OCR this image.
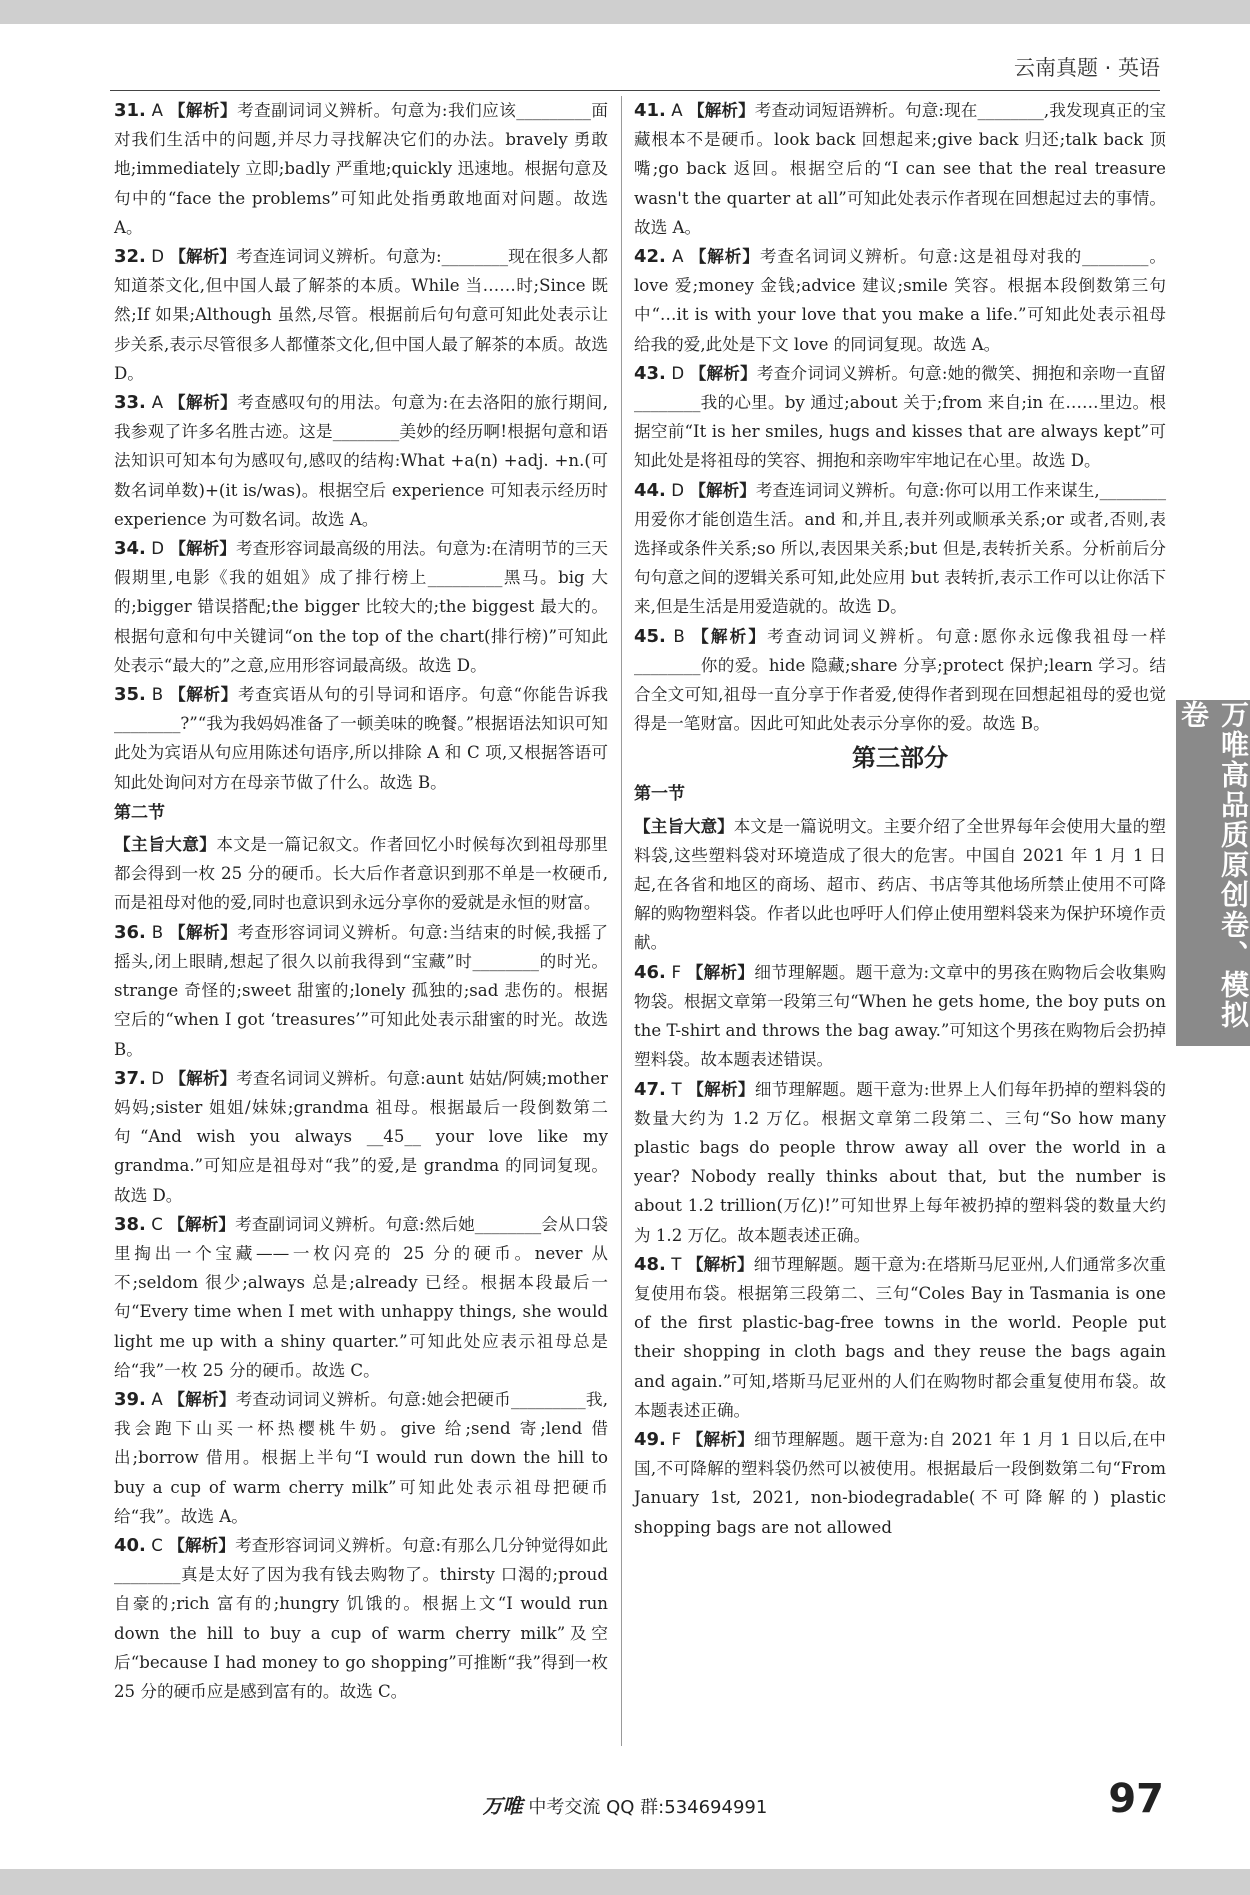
云南真题 · 英语

31. A 【解析】考查副词词义辨析。句意为:我们应该_________面对我们生活中的问题,并尽力寻找解决它们的办法。bravely 勇敢地;immediately 立即;badly 严重地;quickly 迅速地。根据句意及句中的“face the problems”可知此处指勇敢地面对问题。故选 A。

32. D 【解析】考查连词词义辨析。句意为:________现在很多人都知道茶文化,但中国人最了解茶的本质。While 当……时;Since 既然;If 如果;Although 虽然,尽管。根据前后句句意可知此处表示让步关系,表示尽管很多人都懂茶文化,但中国人最了解茶的本质。故选 D。

33. A 【解析】考查感叹句的用法。句意为:在去洛阳的旅行期间,我参观了许多名胜古迹。这是________美妙的经历啊!根据句意和语法知识可知本句为感叹句,感叹的结构:What +a(n) +adj. +n.(可数名词单数)+(it is/was)。根据空后 experience 可知表示经历时 experience 为可数名词。故选 A。

34. D 【解析】考查形容词最高级的用法。句意为:在清明节的三天假期里,电影《我的姐姐》成了排行榜上_________黑马。big 大的;bigger 错误搭配;the bigger 比较大的;the biggest 最大的。根据句意和句中关键词“on the top of the chart(排行榜)”可知此处表示“最大的”之意,应用形容词最高级。故选 D。

35. B 【解析】考查宾语从句的引导词和语序。句意“你能告诉我________?”“我为我妈妈准备了一顿美味的晚餐。”根据语法知识可知此处为宾语从句应用陈述句语序,所以排除 A 和 C 项,又根据答语可知此处询问对方在母亲节做了什么。故选 B。

第二节

【主旨大意】本文是一篇记叙文。作者回忆小时候每次到祖母那里都会得到一枚 25 分的硬币。长大后作者意识到那不单是一枚硬币,而是祖母对他的爱,同时也意识到永远分享你的爱就是永恒的财富。

36. B 【解析】考查形容词词义辨析。句意:当结束的时候,我摇了摇头,闭上眼睛,想起了很久以前我得到“宝藏”时________的时光。strange 奇怪的;sweet 甜蜜的;lonely 孤独的;sad 悲伤的。根据空后的“when I got ‘treasures’”可知此处表示甜蜜的时光。故选 B。

37. D 【解析】考查名词词义辨析。句意:aunt 姑姑/阿姨;mother 妈妈;sister 姐姐/妹妹;grandma 祖母。根据最后一段倒数第二句“And wish you always __45__ your love like my grandma.”可知应是祖母对“我”的爱,是 grandma 的同词复现。故选 D。

38. C 【解析】考查副词词义辨析。句意:然后她________会从口袋里掏出一个宝藏——一枚闪亮的 25 分的硬币。never 从不;seldom 很少;always 总是;already 已经。根据本段最后一句“Every time when I met with unhappy things, she would light me up with a shiny quarter.”可知此处应表示祖母总是给“我”一枚 25 分的硬币。故选 C。

39. A 【解析】考查动词词义辨析。句意:她会把硬币_________我,我会跑下山买一杯热樱桃牛奶。give 给;send 寄;lend 借出;borrow 借用。根据上半句“I would run down the hill to buy a cup of warm cherry milk”可知此处表示祖母把硬币给“我”。故选 A。

40. C 【解析】考查形容词词义辨析。句意:有那么几分钟觉得如此________真是太好了因为我有钱去购物了。thirsty 口渴的;proud 自豪的;rich 富有的;hungry 饥饿的。根据上文“I would run down the hill to buy a cup of warm cherry milk”及空后“because I had money to go shopping”可推断“我”得到一枚 25 分的硬币应是感到富有的。故选 C。

41. A 【解析】考查动词短语辨析。句意:现在________,我发现真正的宝藏根本不是硬币。look back 回想起来;give back 归还;talk back 顶嘴;go back 返回。根据空后的“I can see that the real treasure wasn't the quarter at all”可知此处表示作者现在回想起过去的事情。故选 A。

42. A 【解析】考查名词词义辨析。句意:这是祖母对我的________。love 爱;money 金钱;advice 建议;smile 笑容。根据本段倒数第三句中“…it is with your love that you make a life.”可知此处表示祖母给我的爱,此处是下文 love 的同词复现。故选 A。

43. D 【解析】考查介词词义辨析。句意:她的微笑、拥抱和亲吻一直留________我的心里。by 通过;about 关于;from 来自;in 在……里边。根据空前“It is her smiles, hugs and kisses that are always kept”可知此处是将祖母的笑容、拥抱和亲吻牢牢地记在心里。故选 D。

44. D 【解析】考查连词词义辨析。句意:你可以用工作来谋生,________用爱你才能创造生活。and 和,并且,表并列或顺承关系;or 或者,否则,表选择或条件关系;so 所以,表因果关系;but 但是,表转折关系。分析前后分句句意之间的逻辑关系可知,此处应用 but 表转折,表示工作可以让你活下来,但是生活是用爱造就的。故选 D。

45. B 【解析】考查动词词义辨析。句意:愿你永远像我祖母一样________你的爱。hide 隐藏;share 分享;protect 保护;learn 学习。结合全文可知,祖母一直分享于作者爱,使得作者到现在回想起祖母的爱也觉得是一笔财富。因此可知此处表示分享你的爱。故选 B。

第三部分
第一节

【主旨大意】本文是一篇说明文。主要介绍了全世界每年会使用大量的塑料袋,这些塑料袋对环境造成了很大的危害。中国自 2021 年 1 月 1 日起,在各省和地区的商场、超市、药店、书店等其他场所禁止使用不可降解的购物塑料袋。作者以此也呼吁人们停止使用塑料袋来为保护环境作贡献。

46. F 【解析】细节理解题。题干意为:文章中的男孩在购物后会收集购物袋。根据文章第一段第三句“When he gets home, the boy puts on the T-shirt and throws the bag away.”可知这个男孩在购物后会扔掉塑料袋。故本题表述错误。

47. T 【解析】细节理解题。题干意为:世界上人们每年扔掉的塑料袋的数量大约为 1.2 万亿。根据文章第二段第二、三句“So how many plastic bags do people throw away all over the world in a year? Nobody really thinks about that, but the number is about 1.2 trillion(万亿)!”可知世界上每年被扔掉的塑料袋的数量大约为 1.2 万亿。故本题表述正确。

48. T 【解析】细节理解题。题干意为:在塔斯马尼亚州,人们通常多次重复使用布袋。根据第三段第二、三句“Coles Bay in Tasmania is one of the first plastic-bag-free towns in the world. People put their shopping in cloth bags and they reuse the bags again and again.”可知,塔斯马尼亚州的人们在购物时都会重复使用布袋。故本题表述正确。

49. F 【解析】细节理解题。题干意为:自 2021 年 1 月 1 日以后,在中国,不可降解的塑料袋仍然可以被使用。根据最后一段倒数第二句“From January 1st, 2021, non-biodegradable(不可降解的) plastic shopping bags are not allowed

万唯高品质原创卷、模拟卷
万唯 中考交流 QQ 群:534694991	97
